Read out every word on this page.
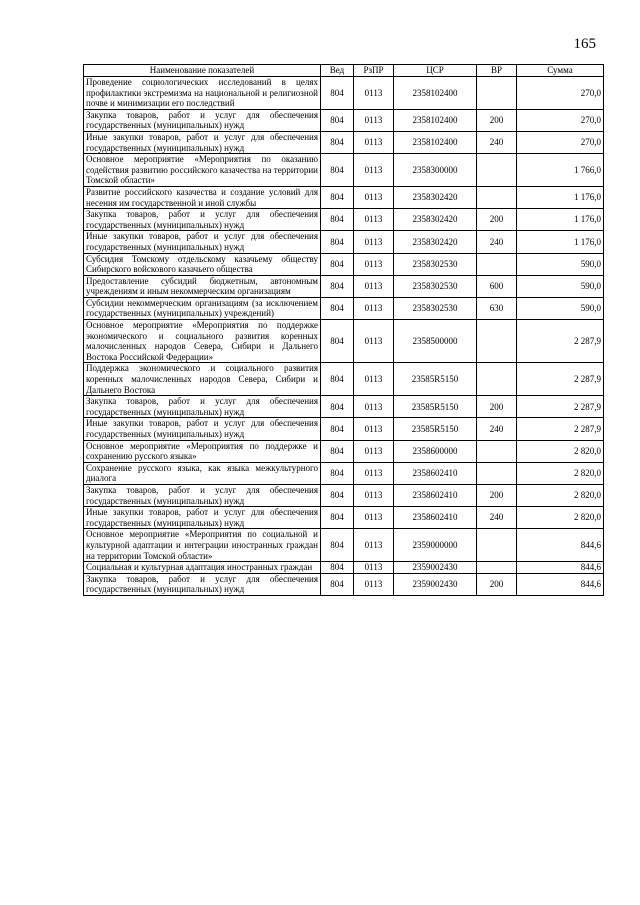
165
Наименование показателей	Вед	РзПР	ЦСР	ВР	Сумма
Проведение социологических исследований в целях профилактики экстремизма на национальной и религиозной почве и минимизации его последствий	804	0113	2358102400		270,0
Закупка товаров, работ и услуг для обеспечения государственных (муниципальных) нужд	804	0113	2358102400	200	270,0
Иные закупки товаров, работ и услуг для обеспечения государственных (муниципальных) нужд	804	0113	2358102400	240	270,0
Основное мероприятие «Мероприятия по оказанию содействия развитию российского казачества на территории Томской области»	804	0113	2358300000		1 766,0
Развитие российского казачества и создание условий для несения им государственной и иной службы	804	0113	2358302420		1 176,0
Закупка товаров, работ и услуг для обеспечения государственных (муниципальных) нужд	804	0113	2358302420	200	1 176,0
Иные закупки товаров, работ и услуг для обеспечения государственных (муниципальных) нужд	804	0113	2358302420	240	1 176,0
Субсидия Томскому отдельскому казачьему обществу Сибирского войскового казачьего общества	804	0113	2358302530		590,0
Предоставление субсидий бюджетным, автономным учреждениям и иным некоммерческим организациям	804	0113	2358302530	600	590,0
Субсидии некоммерческим организациям (за исключением государственных (муниципальных) учреждений)	804	0113	2358302530	630	590,0
Основное мероприятие «Мероприятия по поддержке экономического и социального развития коренных малочисленных народов Севера, Сибири и Дальнего Востока Российской Федерации»	804	0113	2358500000		2 287,9
Поддержка экономического и социального развития коренных малочисленных народов Севера, Сибири и Дальнего Востока	804	0113	23585R5150		2 287,9
Закупка товаров, работ и услуг для обеспечения государственных (муниципальных) нужд	804	0113	23585R5150	200	2 287,9
Иные закупки товаров, работ и услуг для обеспечения государственных (муниципальных) нужд	804	0113	23585R5150	240	2 287,9
Основное мероприятие «Мероприятия по поддержке и сохранению русского языка»	804	0113	2358600000		2 820,0
Сохранение русского языка, как языка межкультурного диалога	804	0113	2358602410		2 820,0
Закупка товаров, работ и услуг для обеспечения государственных (муниципальных) нужд	804	0113	2358602410	200	2 820,0
Иные закупки товаров, работ и услуг для обеспечения государственных (муниципальных) нужд	804	0113	2358602410	240	2 820,0
Основное мероприятие «Мероприятия по социальной и культурной адаптации и интеграции иностранных граждан на территории Томской области»	804	0113	2359000000		844,6
Социальная и культурная адаптация иностранных граждан	804	0113	2359002430		844,6
Закупка товаров, работ и услуг для обеспечения государственных (муниципальных) нужд	804	0113	2359002430	200	844,6
